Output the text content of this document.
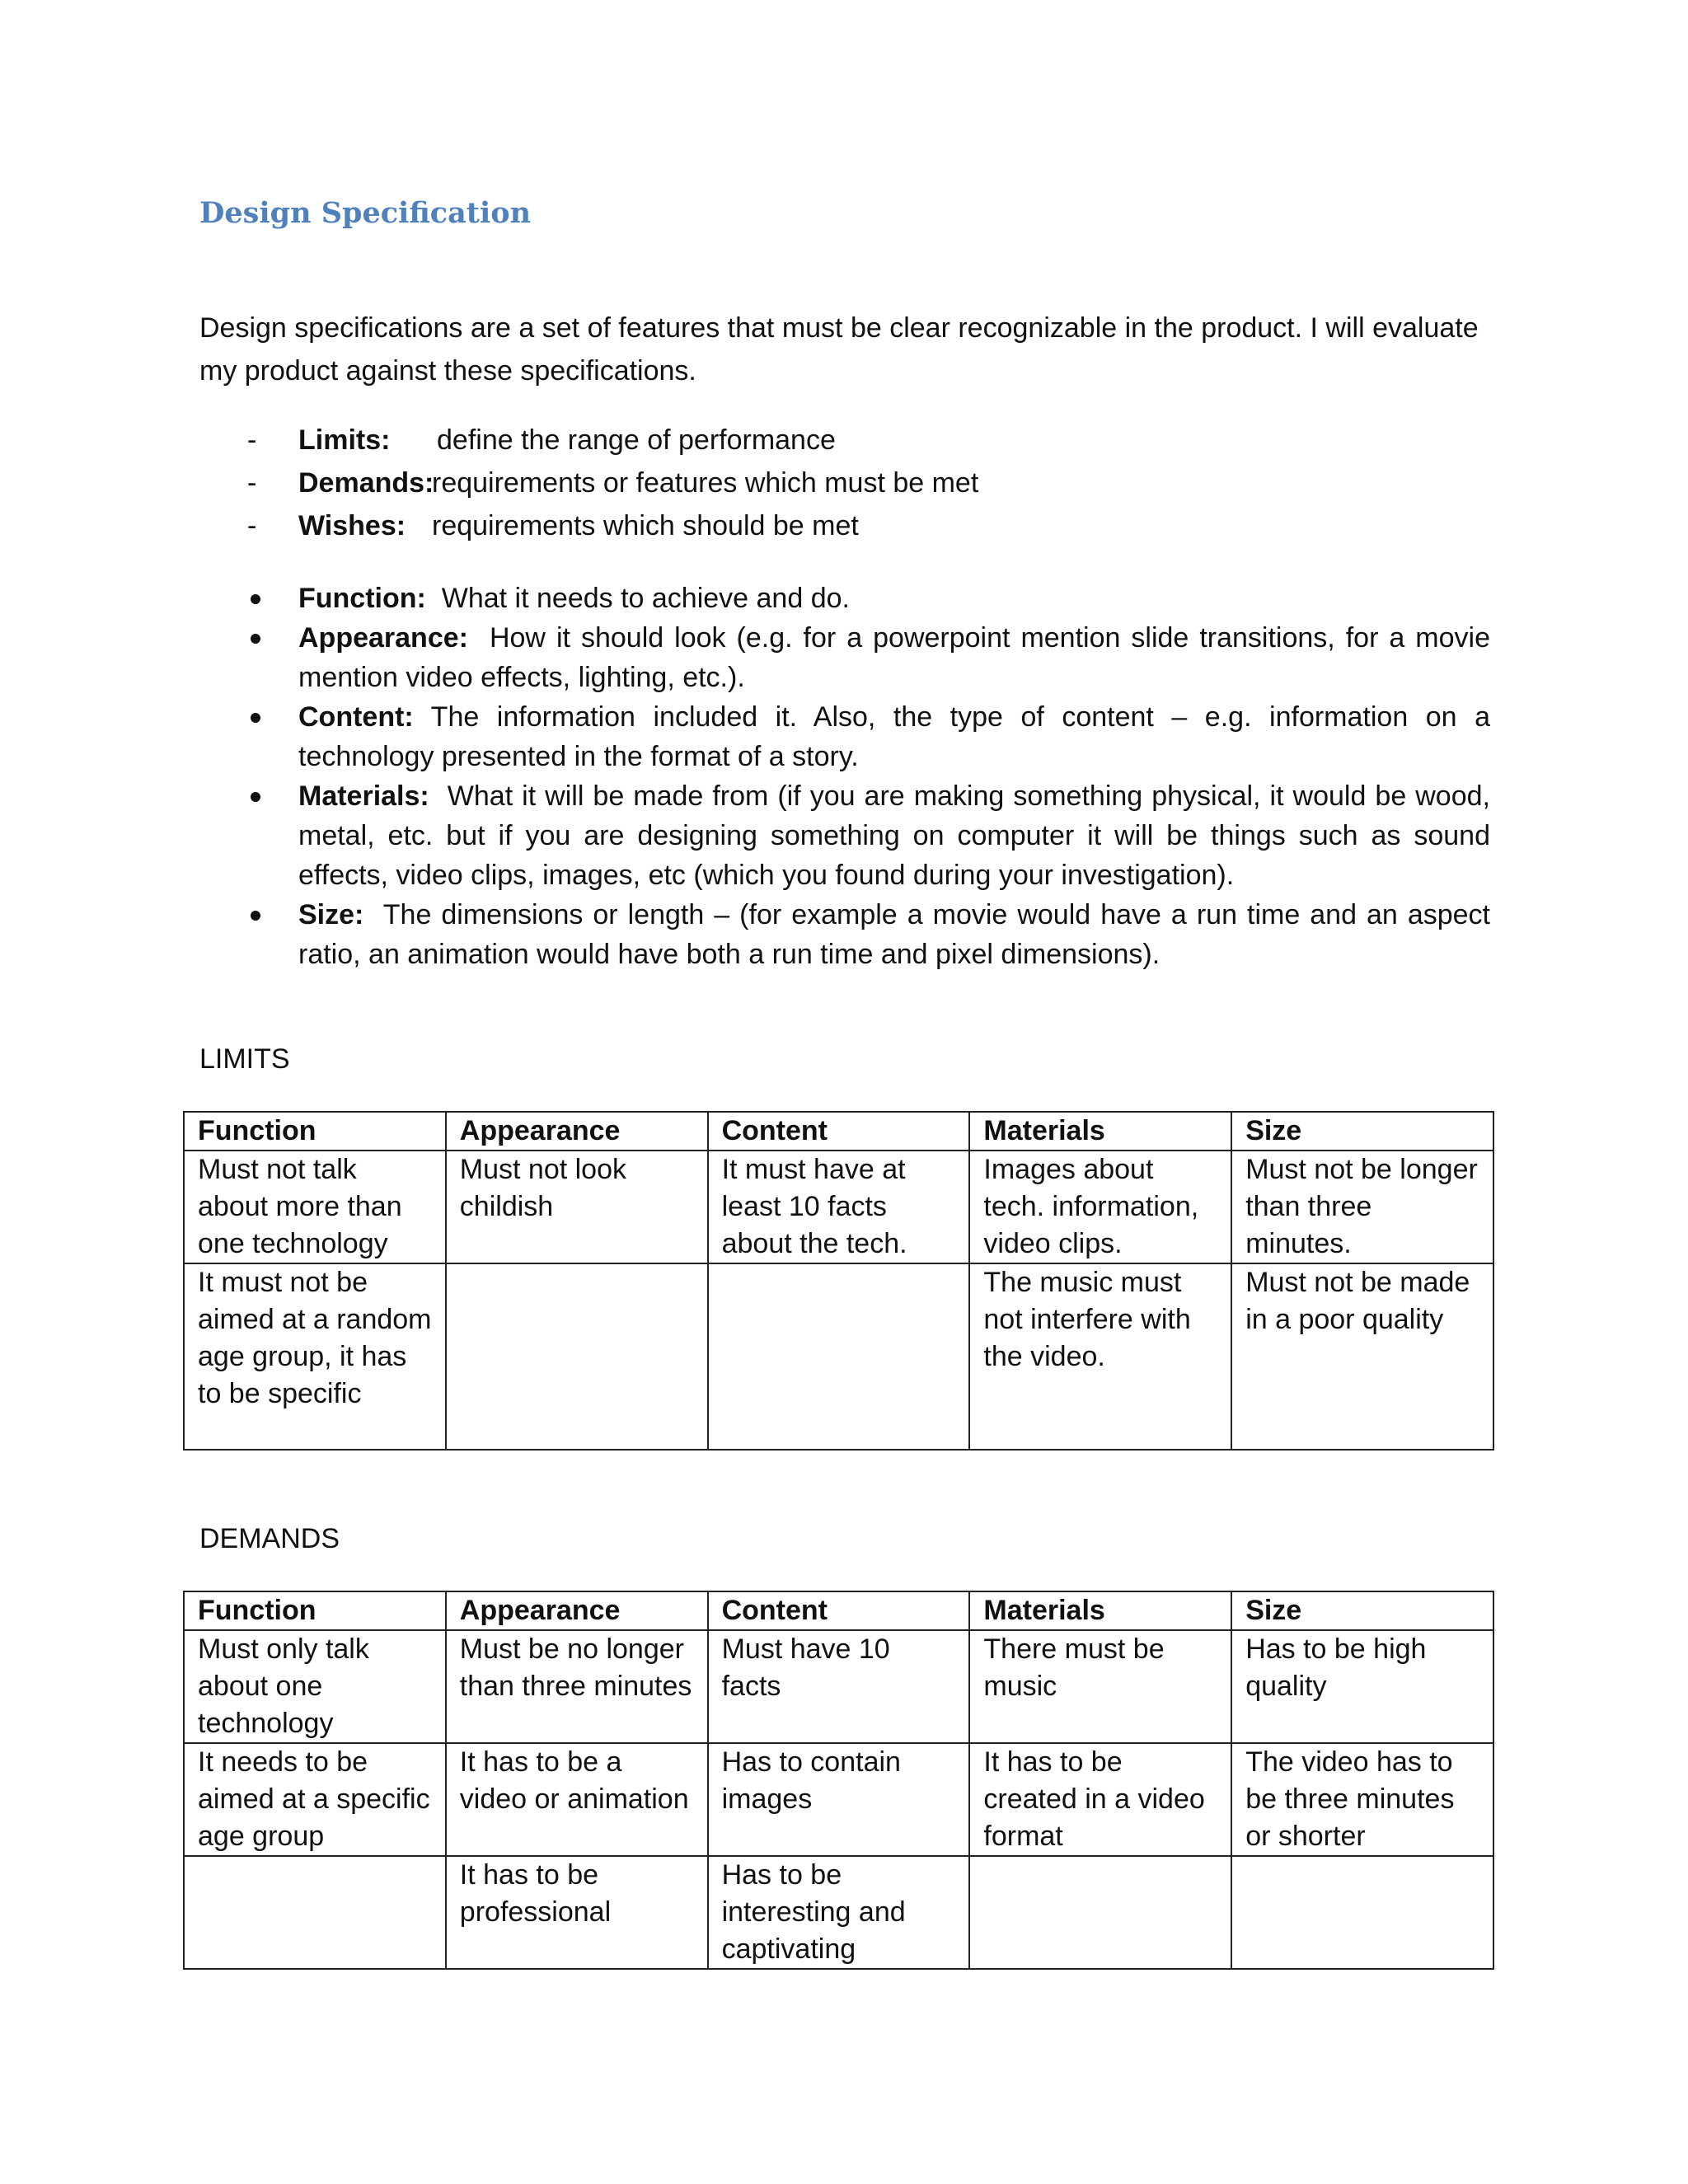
Design Specification

Design specifications are a set of features that must be clear recognizable in the product. I will evaluate my product against these specifications.

- Limits: define the range of performance
- Demands:
requirements or features which must be met
- Wishes: requirements which should be met
Function: What it needs to achieve and do.
Appearance: How it should look (e.g. for a powerpoint mention slide transitions, for a movie mention video effects, lighting, etc.).
Content: The information included it. Also, the type of content – e.g. information on a technology presented in the format of a story.
Materials: What it will be made from (if you are making something physical, it would be wood, metal, etc. but if you are designing something on computer it will be things such as sound effects, video clips, images, etc (which you found during your investigation).
Size: The dimensions or length – (for example a movie would have a run time and an aspect ratio, an animation would have both a run time and pixel dimensions).

LIMITS

Function	Appearance	Content	Materials	Size
Must not talk about more than one technology	Must not look childish	It must have at least 10 facts about the tech.	Images about tech. information, video clips.	Must not be longer than three minutes.
It must not be aimed at a random age group, it has to be specific			The music must not interfere with the video.	Must not be made in a poor quality

DEMANDS

Function	Appearance	Content	Materials	Size
Must only talk about one technology	Must be no longer than three minutes	Must have 10 facts	There must be music	Has to be high quality
It needs to be aimed at a specific age group	It has to be a video or animation	Has to contain images	It has to be created in a video format	The video has to be three minutes or shorter
	It has to be professional	Has to be interesting and captivating		
